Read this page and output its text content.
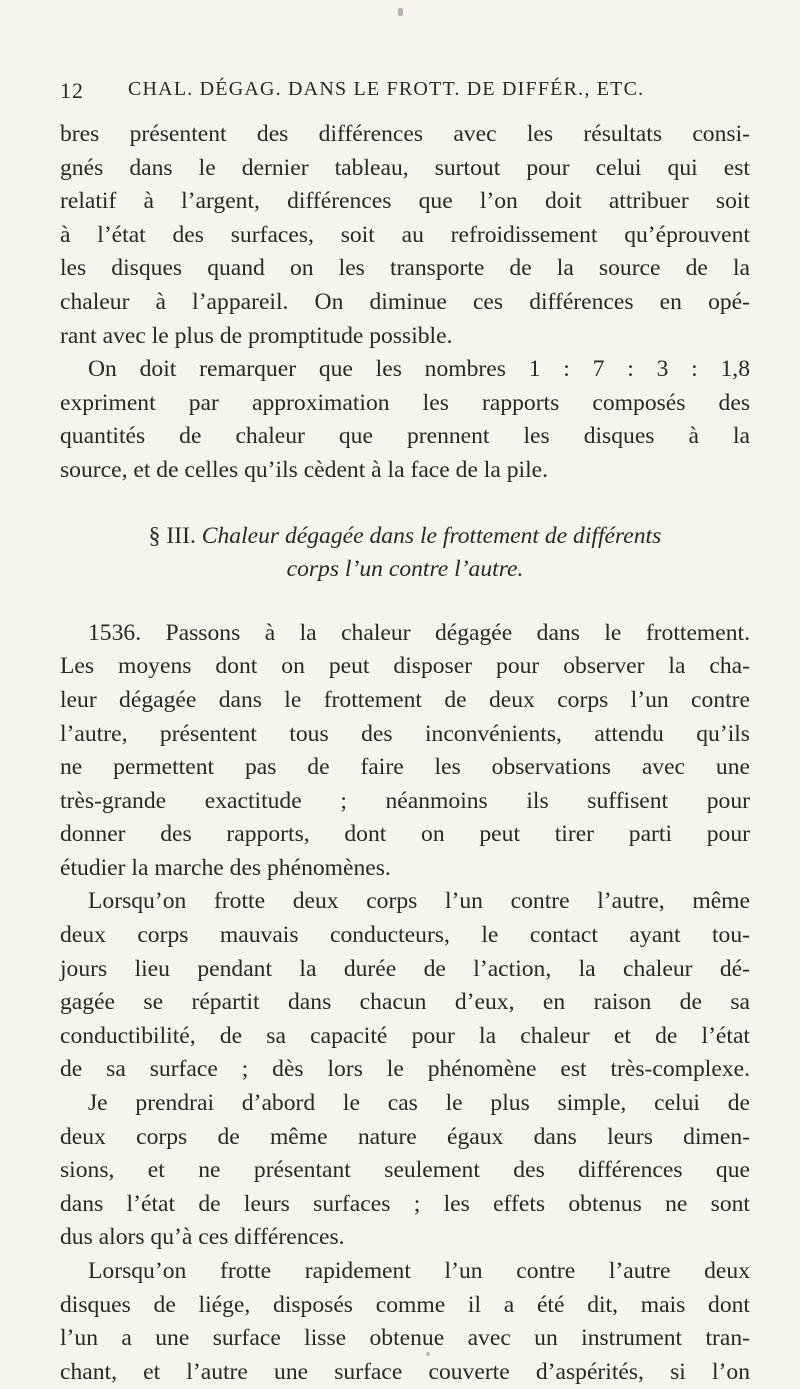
12 CHAL. DÉGAG. DANS LE FROTT. DE DIFFÉR., ETC.
bres présentent des différences avec les résultats consi-
gnés dans le dernier tableau, surtout pour celui qui est
relatif à l’argent, différences que l’on doit attribuer soit
à l’état des surfaces, soit au refroidissement qu’éprouvent
les disques quand on les transporte de la source de la
chaleur à l’appareil. On diminue ces différences en opé-
rant avec le plus de promptitude possible.
On doit remarquer que les nombres 1 : 7 : 3 : 1,8
expriment par approximation les rapports composés des
quantités de chaleur que prennent les disques à la
source, et de celles qu’ils cèdent à la face de la pile.
§ III. Chaleur dégagée dans le frottement de différents
corps l’un contre l’autre.
1536. Passons à la chaleur dégagée dans le frottement.
Les moyens dont on peut disposer pour observer la cha-
leur dégagée dans le frottement de deux corps l’un contre
l’autre, présentent tous des inconvénients, attendu qu’ils
ne permettent pas de faire les observations avec une
très-grande exactitude ; néanmoins ils suffisent pour
donner des rapports, dont on peut tirer parti pour
étudier la marche des phénomènes.
Lorsqu’on frotte deux corps l’un contre l’autre, même
deux corps mauvais conducteurs, le contact ayant tou-
jours lieu pendant la durée de l’action, la chaleur dé-
gagée se répartit dans chacun d’eux, en raison de sa
conductibilité, de sa capacité pour la chaleur et de l’état
de sa surface ; dès lors le phénomène est très-complexe.
Je prendrai d’abord le cas le plus simple, celui de
deux corps de même nature égaux dans leurs dimen-
sions, et ne présentant seulement des différences que
dans l’état de leurs surfaces ; les effets obtenus ne sont
dus alors qu’à ces différences.
Lorsqu’on frotte rapidement l’un contre l’autre deux
disques de liége, disposés comme il a été dit, mais dont
l’un a une surface lisse obtenue avec un instrument tran-
chant, et l’autre une surface couverte d’aspérités, si l’on
